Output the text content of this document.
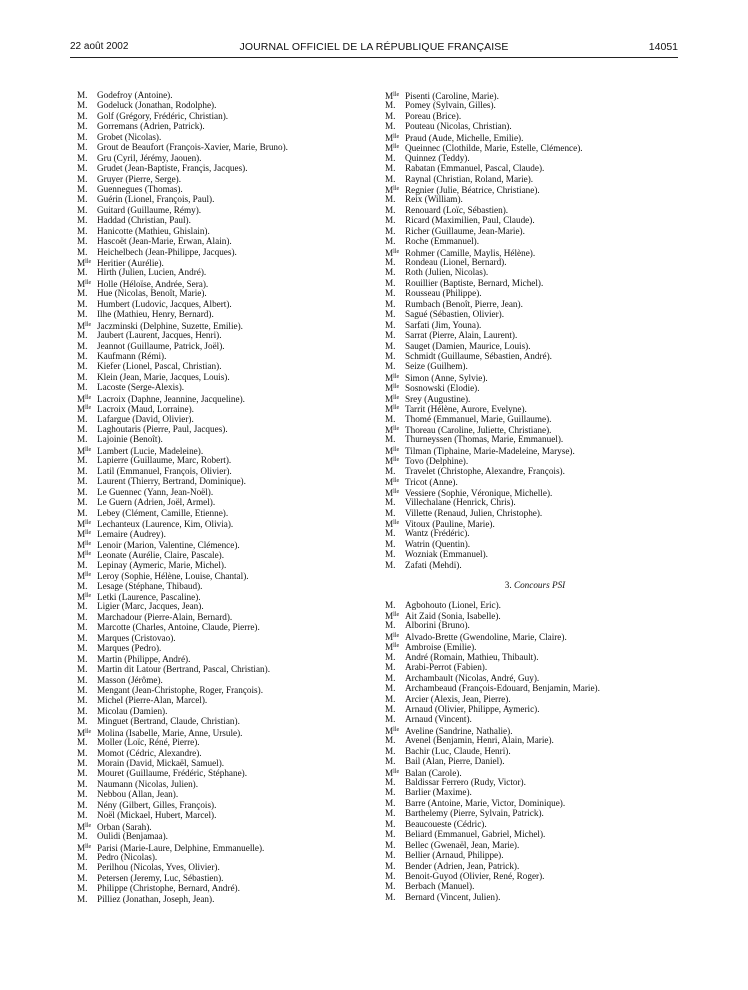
22 août 2002	JOURNAL OFFICIEL DE LA RÉPUBLIQUE FRANÇAISE	14051
M. Godefroy (Antoine).
M. Godeluck (Jonathan, Rodolphe).
M. Golf (Grégory, Frédéric, Christian).
M. Gorremans (Adrien, Patrick).
M. Grobet (Nicolas).
M. Grout de Beaufort (François-Xavier, Marie, Bruno).
M. Gru (Cyril, Jérémy, Jaouen).
M. Grudet (Jean-Baptiste, Françis, Jacques).
M. Gruyer (Pierre, Serge).
M. Guennegues (Thomas).
M. Guérin (Lionel, François, Paul).
M. Guitard (Guillaume, Rémy).
M. Haddad (Christian, Paul).
M. Hanicotte (Mathieu, Ghislain).
M. Hascoët (Jean-Marie, Erwan, Alain).
M. Heichelbech (Jean-Philippe, Jacques).
$M^{lle}$ Heritier (Aurélie).
M. Hirth (Julien, Lucien, André).
$M^{lle}$ Holle (Héloïse, Andrée, Sera).
M. Hue (Nicolas, Benoît, Marie).
M. Humbert (Ludovic, Jacques, Albert).
M. Ilhe (Mathieu, Henry, Bernard).
$M^{lle}$ Jaczminski (Delphine, Suzette, Emilie).
M. Jaubert (Laurent, Jacques, Henri).
M. Jeannot (Guillaume, Patrick, Joël).
M. Kaufmann (Rémi).
M. Kiefer (Lionel, Pascal, Christian).
M. Klein (Jean, Marie, Jacques, Louis).
M. Lacoste (Serge-Alexis).
$M^{lle}$ Lacroix (Daphne, Jeannine, Jacqueline).
$M^{lle}$ Lacroix (Maud, Lorraine).
M. Lafargue (David, Olivier).
M. Laghoutaris (Pierre, Paul, Jacques).
M. Lajoinie (Benoît).
$M^{lle}$ Lambert (Lucie, Madeleine).
M. Lapierre (Guillaume, Marc, Robert).
M. Latil (Emmanuel, François, Olivier).
M. Laurent (Thierry, Bertrand, Dominique).
M. Le Guennec (Yann, Jean-Noël).
M. Le Guern (Adrien, Joël, Armel).
M. Lebey (Clément, Camille, Etienne).
$M^{lle}$ Lechanteux (Laurence, Kim, Olivia).
$M^{lle}$ Lemaire (Audrey).
$M^{lle}$ Lenoir (Marion, Valentine, Clémence).
$M^{lle}$ Leonate (Aurélie, Claire, Pascale).
M. Lepinay (Aymeric, Marie, Michel).
$M^{lle}$ Leroy (Sophie, Hélène, Louise, Chantal).
M. Lesage (Stéphane, Thibaud).
$M^{lle}$ Letki (Laurence, Pascaline).
M. Ligier (Marc, Jacques, Jean).
M. Marchadour (Pierre-Alain, Bernard).
M. Marcotte (Charles, Antoine, Claude, Pierre).
M. Marques (Cristovao).
M. Marques (Pedro).
M. Martin (Philippe, André).
M. Martin dit Latour (Bertrand, Pascal, Christian).
M. Masson (Jérôme).
M. Mengant (Jean-Christophe, Roger, François).
M. Michel (Pierre-Alan, Marcel).
M. Micolau (Damien).
M. Minguet (Bertrand, Claude, Christian).
$M^{lle}$ Molina (Isabelle, Marie, Anne, Ursule).
M. Moller (Loïc, Réné, Pierre).
M. Momot (Cédric, Alexandre).
M. Morain (David, Mickaël, Samuel).
M. Mouret (Guillaume, Frédéric, Stéphane).
M. Naumann (Nicolas, Julien).
M. Nebbou (Allan, Jean).
M. Nény (Gilbert, Gilles, François).
M. Noël (Mickael, Hubert, Marcel).
$M^{lle}$ Orban (Sarah).
M. Oulidi (Benjamaa).
$M^{lle}$ Parisi (Marie-Laure, Delphine, Emmanuelle).
M. Pedro (Nicolas).
M. Perilhou (Nicolas, Yves, Olivier).
M. Petersen (Jeremy, Luc, Sébastien).
M. Philippe (Christophe, Bernard, André).
M. Pilliez (Jonathan, Joseph, Jean).
$M^{lle}$ Pisenti (Caroline, Marie).
M. Pomey (Sylvain, Gilles).
M. Poreau (Brice).
M. Pouteau (Nicolas, Christian).
$M^{lle}$ Praud (Aude, Michelle, Emilie).
$M^{lle}$ Queinnec (Clothilde, Marie, Estelle, Clémence).
M. Quinnez (Teddy).
M. Rabatan (Emmanuel, Pascal, Claude).
M. Raynal (Christian, Roland, Marie).
$M^{lle}$ Regnier (Julie, Béatrice, Christiane).
M. Reix (William).
M. Renouard (Loïc, Sébastien).
M. Ricard (Maximilien, Paul, Claude).
M. Richer (Guillaume, Jean-Marie).
M. Roche (Emmanuel).
$M^{lle}$ Rohmer (Camille, Maylis, Hélène).
M. Rondeau (Lionel, Bernard).
M. Roth (Julien, Nicolas).
M. Rouillier (Baptiste, Bernard, Michel).
M. Rousseau (Philippe).
M. Rumbach (Benoît, Pierre, Jean).
M. Sagué (Sébastien, Olivier).
M. Sarfati (Jim, Youna).
M. Sarrat (Pierre, Alain, Laurent).
M. Sauget (Damien, Maurice, Louis).
M. Schmidt (Guillaume, Sébastien, André).
M. Seize (Guilhem).
$M^{lle}$ Simon (Anne, Sylvie).
$M^{lle}$ Sosnowski (Elodie).
$M^{lle}$ Srey (Augustine).
$M^{lle}$ Tarrit (Hélène, Aurore, Evelyne).
M. Thomé (Emmanuel, Marie, Guillaume).
$M^{lle}$ Thoreau (Caroline, Juliette, Christiane).
M. Thurneyssen (Thomas, Marie, Emmanuel).
$M^{lle}$ Tilman (Tiphaine, Marie-Madeleine, Maryse).
$M^{lle}$ Tovo (Delphine).
M. Travelet (Christophe, Alexandre, François).
$M^{lle}$ Tricot (Anne).
$M^{lle}$ Vessiere (Sophie, Véronique, Michelle).
M. Villechalane (Henrick, Chris).
M. Villette (Renaud, Julien, Christophe).
$M^{lle}$ Vitoux (Pauline, Marie).
M. Wantz (Frédéric).
M. Watrin (Quentin).
M. Wozniak (Emmanuel).
M. Zafati (Mehdi).
3. Concours PSI
M. Agbohouto (Lionel, Eric).
$M^{lle}$ Ait Zaid (Sonia, Isabelle).
M. Alborini (Bruno).
$M^{lle}$ Alvado-Brette (Gwendoline, Marie, Claire).
$M^{lle}$ Ambroise (Emilie).
M. André (Romain, Mathieu, Thibault).
M. Arabi-Perrot (Fabien).
M. Archambault (Nicolas, André, Guy).
M. Archambeaud (François-Edouard, Benjamin, Marie).
M. Arcier (Alexis, Jean, Pierre).
M. Arnaud (Olivier, Philippe, Aymeric).
M. Arnaud (Vincent).
$M^{lle}$ Aveline (Sandrine, Nathalie).
M. Avenel (Benjamin, Henri, Alain, Marie).
M. Bachir (Luc, Claude, Henri).
M. Bail (Alan, Pierre, Daniel).
$M^{lle}$ Balan (Carole).
M. Baldissar Ferrero (Rudy, Victor).
M. Barlier (Maxime).
M. Barre (Antoine, Marie, Victor, Dominique).
M. Barthelemy (Pierre, Sylvain, Patrick).
M. Beaucoueste (Cédric).
M. Beliard (Emmanuel, Gabriel, Michel).
M. Bellec (Gwenaël, Jean, Marie).
M. Bellier (Arnaud, Philippe).
M. Bender (Adrien, Jean, Patrick).
M. Benoit-Guyod (Olivier, René, Roger).
M. Berbach (Manuel).
M. Bernard (Vincent, Julien).
